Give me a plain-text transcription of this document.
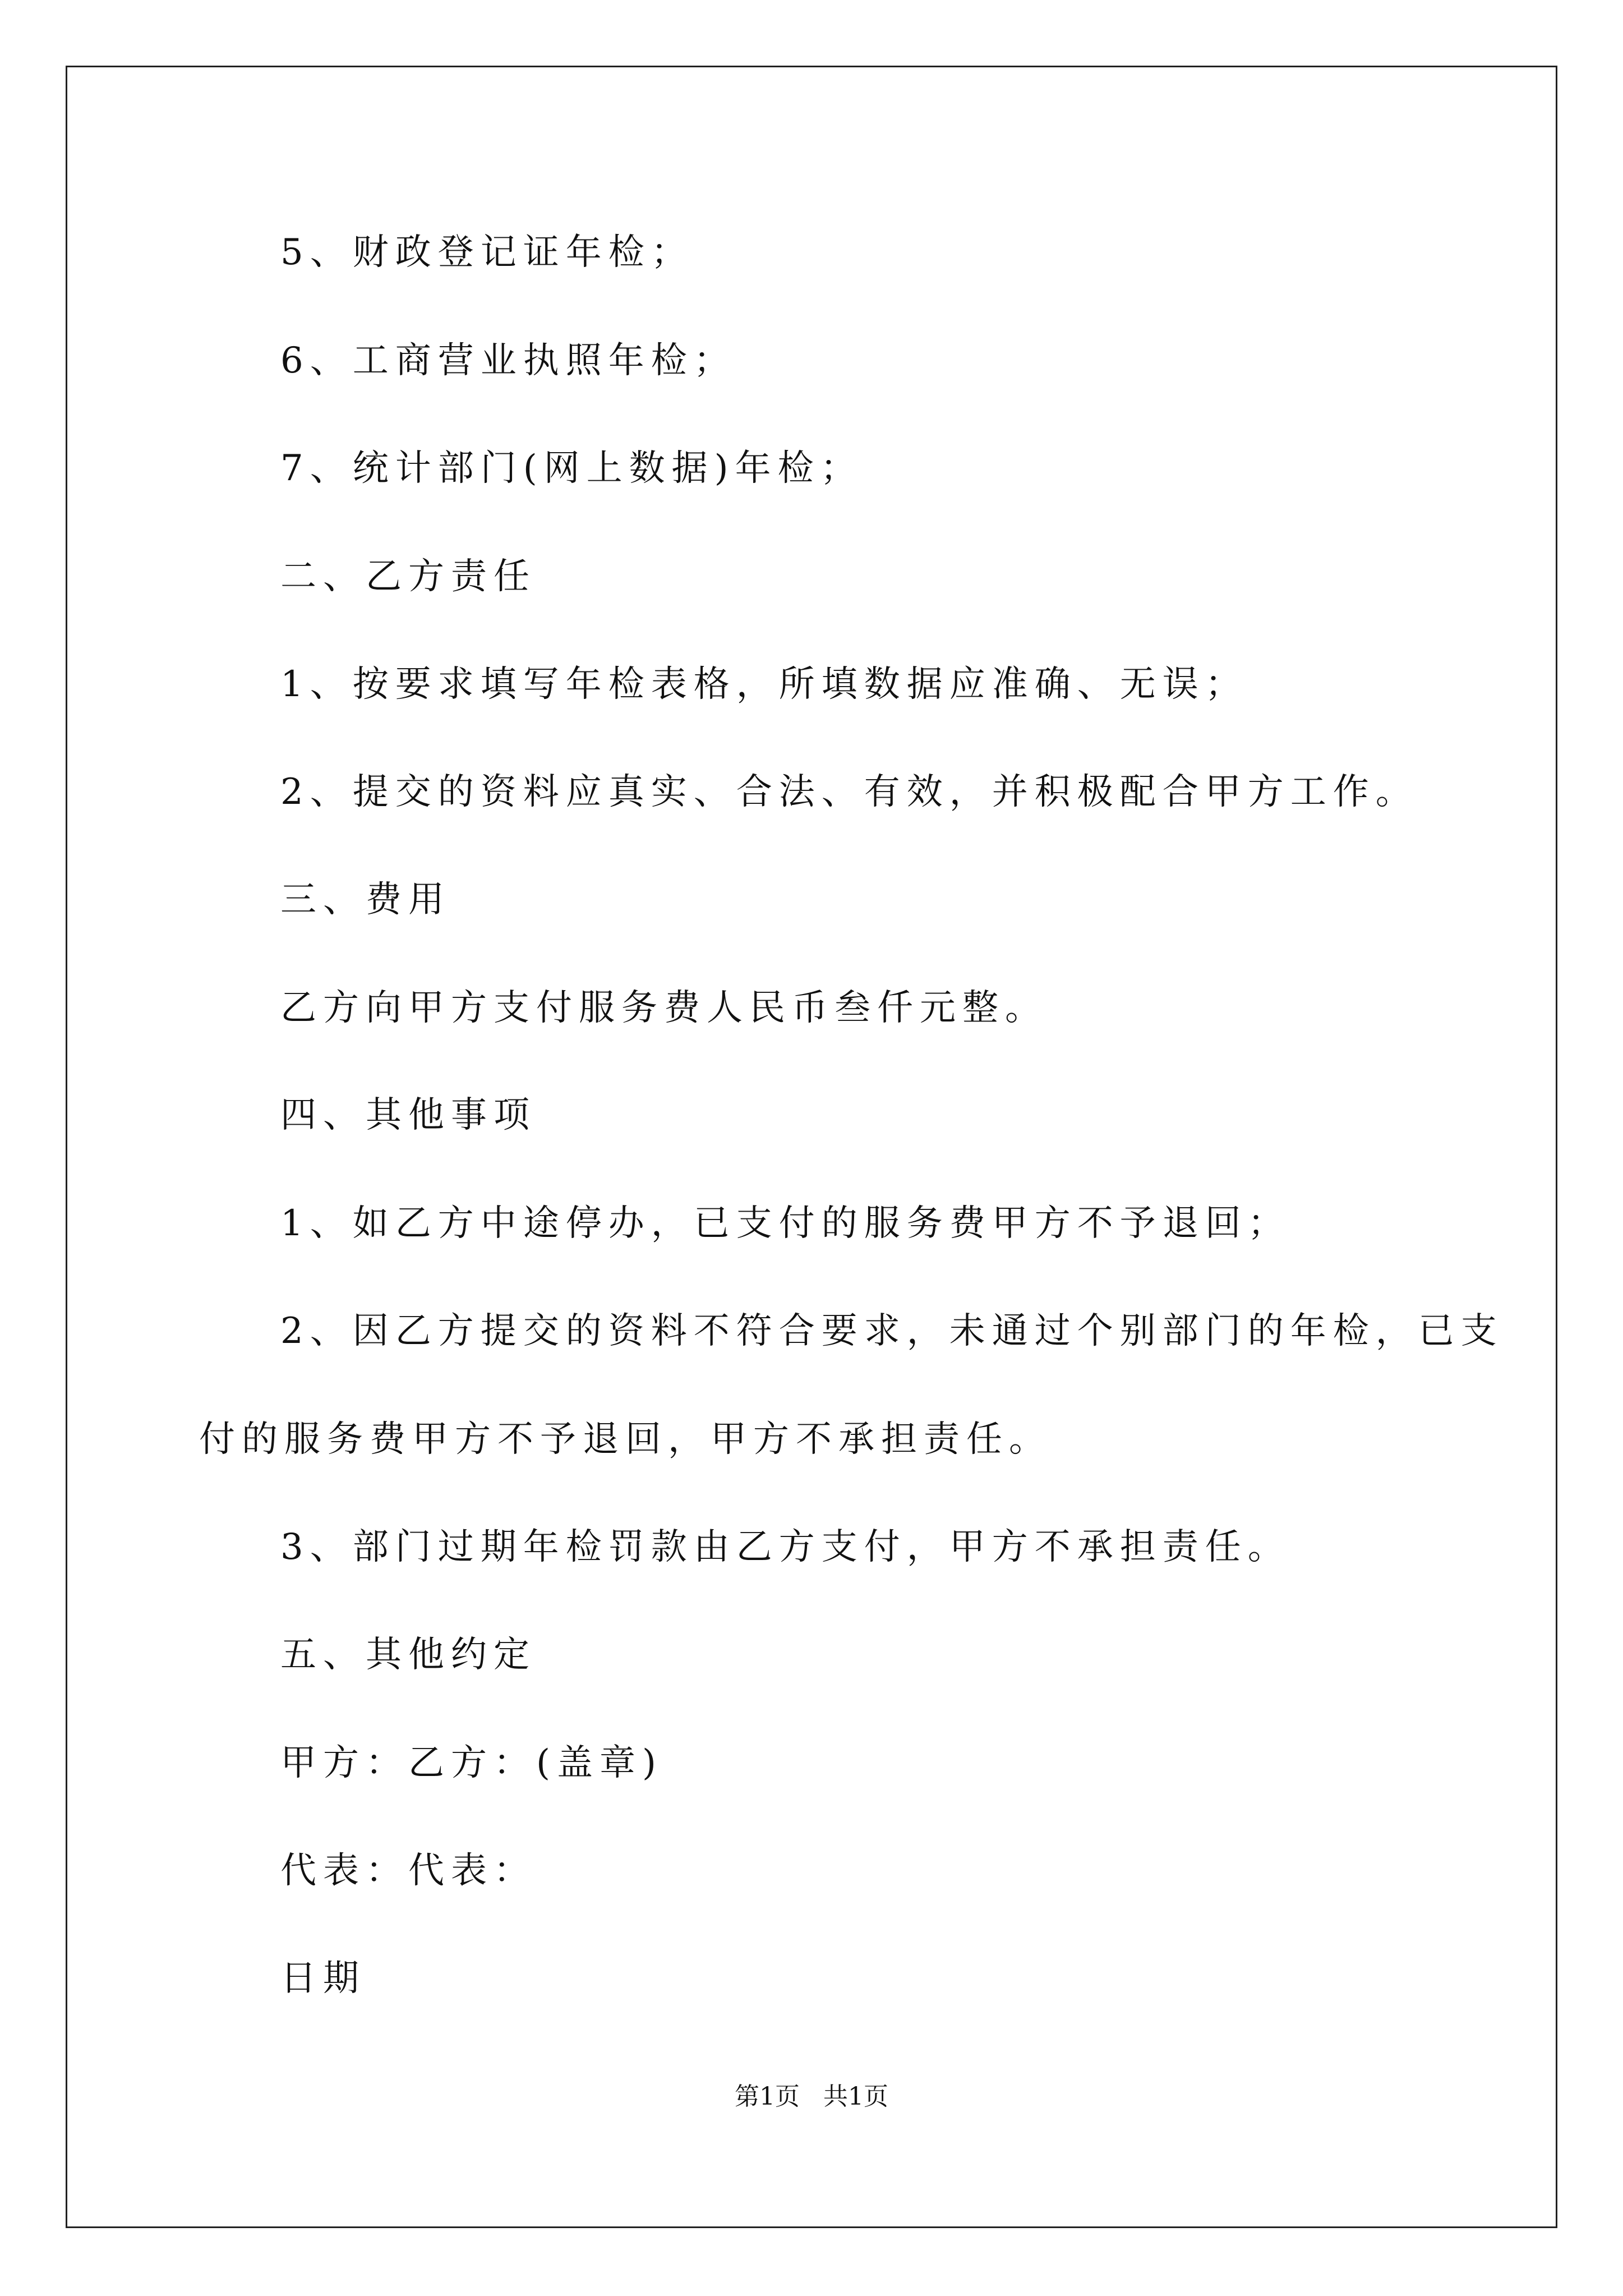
5、财政登记证年检；
6、工商营业执照年检；
7、统计部门(网上数据)年检；
二、乙方责任
1、按要求填写年检表格，所填数据应准确、无误；
2、提交的资料应真实、合法、有效，并积极配合甲方工作。
三、费用
乙方向甲方支付服务费人民币叁仟元整。
四、其他事项
1、如乙方中途停办，已支付的服务费甲方不予退回；
2、因乙方提交的资料不符合要求，未通过个别部门的年检，已支
付的服务费甲方不予退回，甲方不承担责任。
3、部门过期年检罚款由乙方支付，甲方不承担责任。
五、其他约定
甲方：乙方：(盖章)
代表：代表：
日期
第1页   共1页
